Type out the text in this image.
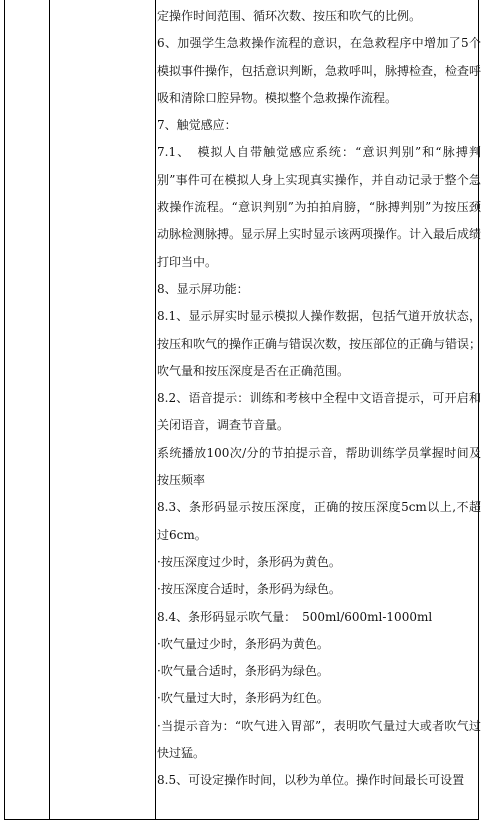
定操作时间范围、循环次数、按压和吹气的比例。

6、加强学生急救操作流程的意识，在急救程序中增加了5个模拟事件操作，包括意识判断，急救呼叫，脉搏检查，检查呼吸和清除口腔异物。模拟整个急救操作流程。

7、触觉感应：

7.1、　模拟人自带触觉感应系统：“意识判别”和“脉搏判别”事件可在模拟人身上实现真实操作，并自动记录于整个急救操作流程。“意识判别”为拍拍肩膀，“脉搏判别”为按压颈动脉检测脉搏。显示屏上实时显示该两项操作。计入最后成绩打印当中。

8、显示屏功能：

8.1、显示屏实时显示模拟人操作数据，包括气道开放状态，按压和吹气的操作正确与错误次数，按压部位的正确与错误；吹气量和按压深度是否在正确范围。

8.2、语音提示：训练和考核中全程中文语音提示，可开启和关闭语音，调查节音量。

系统播放100次/分的节拍提示音，帮助训练学员掌握时间及按压频率

8.3、条形码显示按压深度，正确的按压深度5cm以上,不超过6cm。

·按压深度过少时，条形码为黄色。

·按压深度合适时，条形码为绿色。

8.4、条形码显示吹气量：　500ml/600ml-1000ml

·吹气量过少时，条形码为黄色。

·吹气量合适时，条形码为绿色。

·吹气量过大时，条形码为红色。

·当提示音为：“吹气进入胃部”，表明吹气量过大或者吹气过快过猛。

8.5、可设定操作时间，以秒为单位。操作时间最长可设置
